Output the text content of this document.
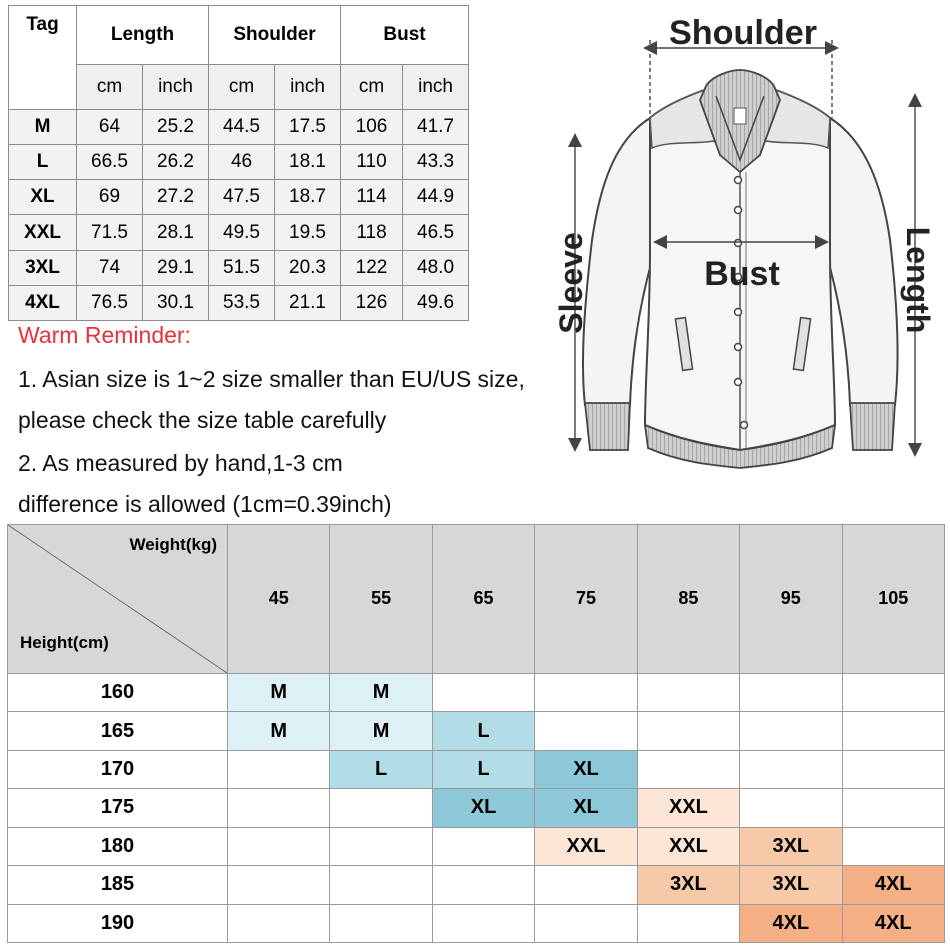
Tag	Length		Shoulder		Bust	
	cm	inch	cm	inch	cm	inch
M	64	25.2	44.5	17.5	106	41.7
L	66.5	26.2	46	18.1	110	43.3
XL	69	27.2	47.5	18.7	114	44.9
XXL	71.5	28.1	49.5	19.5	118	46.5
3XL	74	29.1	51.5	20.3	122	48.0
4XL	76.5	30.1	53.5	21.1	126	49.6
Warm Reminder:
1. Asian size is 1~2 size smaller than EU/US size,
please check the size table carefully
2. As measured by hand,1-3 cm
difference is allowed (1cm=0.39inch)
Shoulder
Bust
Sleeve	Length
Weight(kg)
Height(cm)	45	55	65	75	85	95	105
160	M	M					
165	M	M	L				
170		L	L	XL			
175			XL	XL	XXL		
180				XXL	XXL	3XL	
185					3XL	3XL	4XL
190						4XL	4XL
